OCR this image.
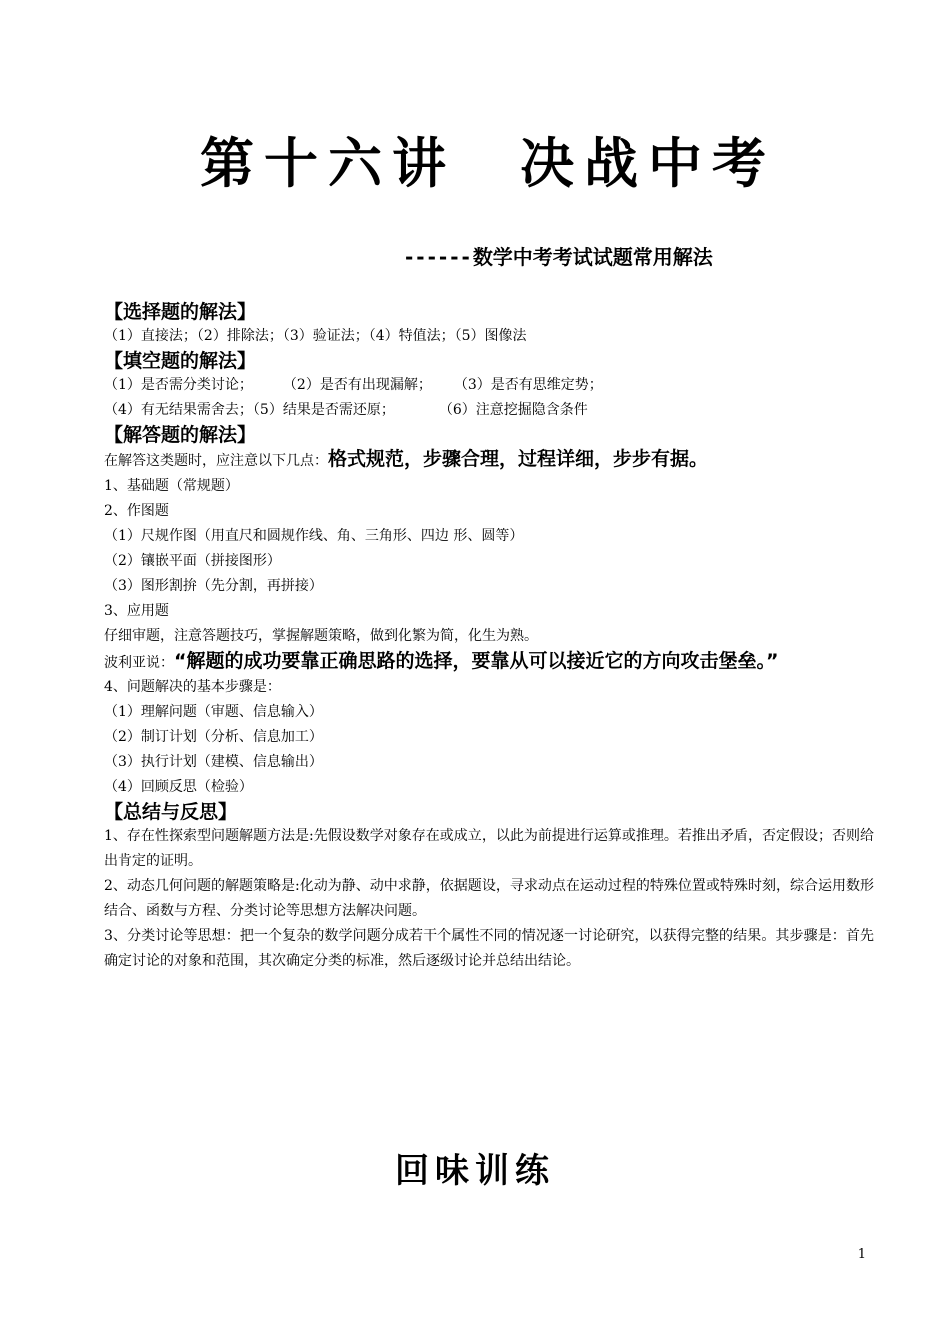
第十六讲　决战中考
------数学中考考试试题常用解法
【选择题的解法】
（1）直接法；（2）排除法；（3）验证法；（4）特值法；（5）图像法
【填空题的解法】
（1）是否需分类讨论； （2）是否有出现漏解； （3）是否有思维定势；
（4）有无结果需舍去；（5）结果是否需还原；	（6）注意挖掘隐含条件
【解答题的解法】
在解答这类题时，应注意以下几点：格式规范，步骤合理，过程详细，步步有据。
1、基础题（常规题）
2、作图题
（1）尺规作图（用直尺和圆规作线、角、三角形、四边 形、圆等）
（2）镶嵌平面（拼接图形）
（3）图形割拚（先分割，再拼接）
3、应用题
仔细审题，注意答题技巧，掌握解题策略，做到化繁为简，化生为熟。
波利亚说：“解题的成功要靠正确思路的选择，要靠从可以接近它的方向攻击堡垒。”
4、问题解决的基本步骤是：
（1）理解问题（审题、信息输入）
（2）制订计划（分析、信息加工）
（3）执行计划（建模、信息输出）
（4）回顾反思（检验）
【总结与反思】
1、存在性探索型问题解题方法是:先假设数学对象存在或成立，以此为前提进行运算或推理。若推出矛盾，否定假设；否则给出肯定的证明。
2、动态几何问题的解题策略是:化动为静、动中求静，依据题设，寻求动点在运动过程的特殊位置或特殊时刻，综合运用数形结合、函数与方程、分类讨论等思想方法解决问题。
3、分类讨论等思想：把一个复杂的数学问题分成若干个属性不同的情况逐一讨论研究，以获得完整的结果。其步骤是：首先确定讨论的对象和范围，其次确定分类的标准，然后逐级讨论并总结出结论。
回味训练
1
